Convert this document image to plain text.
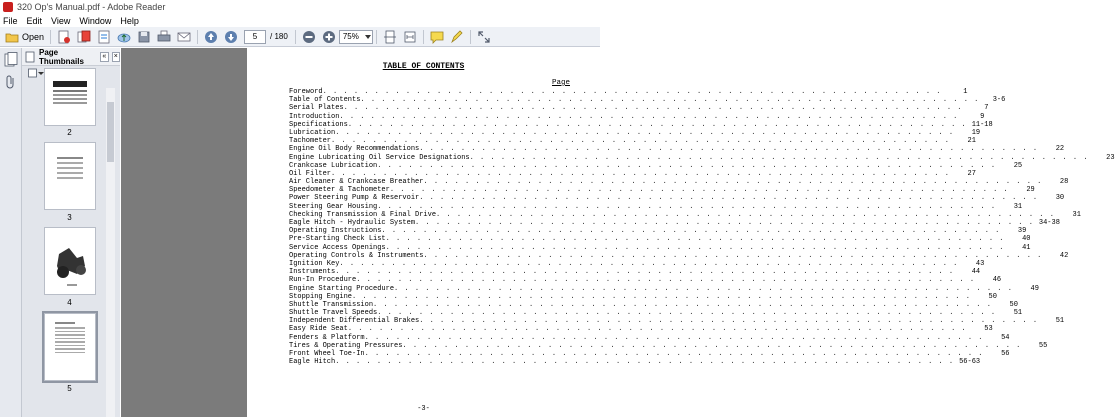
320 Op's Manual.pdf - Adobe Reader
File Edit View Window Help
Open	5	/ 180	75%
Page Thumbnails
«	×
2
3
4
5
TABLE OF CONTENTS
Page
Foreword . . . . . . . . . . . . . . . . . . . . . . . . . . . . . . . . . . . . . . . . . . . . . . . . . . . . . . . . . . . .	1
Table of Contents . . . . . . . . . . . . . . . . . . . . . . . . . . . . . . . . . . . . . . . . . . . . . . . . . . . . . . . . . . . .	3-6
Serial Plates . . . . . . . . . . . . . . . . . . . . . . . . . . . . . . . . . . . . . . . . . . . . . . . . . . . . . . . . . . . .	7
Introduction . . . . . . . . . . . . . . . . . . . . . . . . . . . . . . . . . . . . . . . . . . . . . . . . . . . . . . . . . . . .	9
Specifications . . . . . . . . . . . . . . . . . . . . . . . . . . . . . . . . . . . . . . . . . . . . . . . . . . . . . . . . . . . . 11-18
Lubrication . . . . . . . . . . . . . . . . . . . . . . . . . . . . . . . . . . . . . . . . . . . . . . . . . . . . . . . . . . . .	19
Tachometer . . . . . . . . . . . . . . . . . . . . . . . . . . . . . . . . . . . . . . . . . . . . . . . . . . . . . . . . . . . .	21
Engine Oil Body Recommendations . . . . . . . . . . . . . . . . . . . . . . . . . . . . . . . . . . . . . . . . . . . . . . . . . . . . . . . . . . . .	22
Engine Lubricating Oil Service Designations . . . . . . . . . . . . . . . . . . . . . . . . . . . . . . . . . . . . . . . . . . . . . . . . . . . . . . . . . . . .	23
Crankcase Lubrication . . . . . . . . . . . . . . . . . . . . . . . . . . . . . . . . . . . . . . . . . . . . . . . . . . . . . . . . . . . .	25
Oil Filter . . . . . . . . . . . . . . . . . . . . . . . . . . . . . . . . . . . . . . . . . . . . . . . . . . . . . . . . . . . .	27
Air Cleaner & Crankcase Breather . . . . . . . . . . . . . . . . . . . . . . . . . . . . . . . . . . . . . . . . . . . . . . . . . . . . . . . . . . . .	28
Speedometer & Tachometer . . . . . . . . . . . . . . . . . . . . . . . . . . . . . . . . . . . . . . . . . . . . . . . . . . . . . . . . . . . .	29
Power Steering Pump & Reservoir . . . . . . . . . . . . . . . . . . . . . . . . . . . . . . . . . . . . . . . . . . . . . . . . . . . . . . . . . . . .	30
Steering Gear Housing . . . . . . . . . . . . . . . . . . . . . . . . . . . . . . . . . . . . . . . . . . . . . . . . . . . . . . . . . . . .	31
Checking Transmission & Final Drive . . . . . . . . . . . . . . . . . . . . . . . . . . . . . . . . . . . . . . . . . . . . . . . . . . . . . . . . . . . .	31
Eagle Hitch - Hydraulic System . . . . . . . . . . . . . . . . . . . . . . . . . . . . . . . . . . . . . . . . . . . . . . . . . . . . . . . . . . . . 34-38
Operating Instructions . . . . . . . . . . . . . . . . . . . . . . . . . . . . . . . . . . . . . . . . . . . . . . . . . . . . . . . . . . . .	39
Pre-Starting Check List . . . . . . . . . . . . . . . . . . . . . . . . . . . . . . . . . . . . . . . . . . . . . . . . . . . . . . . . . . . .	40
Service Access Openings . . . . . . . . . . . . . . . . . . . . . . . . . . . . . . . . . . . . . . . . . . . . . . . . . . . . . . . . . . . .	41
Operating Controls & Instruments . . . . . . . . . . . . . . . . . . . . . . . . . . . . . . . . . . . . . . . . . . . . . . . . . . . . . . . . . . . .	42
Ignition Key . . . . . . . . . . . . . . . . . . . . . . . . . . . . . . . . . . . . . . . . . . . . . . . . . . . . . . . . . . . .	43
Instruments . . . . . . . . . . . . . . . . . . . . . . . . . . . . . . . . . . . . . . . . . . . . . . . . . . . . . . . . . . . .	44
Run-In Procedure . . . . . . . . . . . . . . . . . . . . . . . . . . . . . . . . . . . . . . . . . . . . . . . . . . . . . . . . . . . .	46
Engine Starting Procedure . . . . . . . . . . . . . . . . . . . . . . . . . . . . . . . . . . . . . . . . . . . . . . . . . . . . . . . . . . . .	49
Stopping Engine . . . . . . . . . . . . . . . . . . . . . . . . . . . . . . . . . . . . . . . . . . . . . . . . . . . . . . . . . . . .	50
Shuttle Transmission . . . . . . . . . . . . . . . . . . . . . . . . . . . . . . . . . . . . . . . . . . . . . . . . . . . . . . . . . . . .	50
Shuttle Travel Speeds . . . . . . . . . . . . . . . . . . . . . . . . . . . . . . . . . . . . . . . . . . . . . . . . . . . . . . . . . . . .	51
Independent Differential Brakes . . . . . . . . . . . . . . . . . . . . . . . . . . . . . . . . . . . . . . . . . . . . . . . . . . . . . . . . . . . .	51
Easy Ride Seat . . . . . . . . . . . . . . . . . . . . . . . . . . . . . . . . . . . . . . . . . . . . . . . . . . . . . . . . . . . .	53
Fenders & Platform . . . . . . . . . . . . . . . . . . . . . . . . . . . . . . . . . . . . . . . . . . . . . . . . . . . . . . . . . . . .	54
Tires & Operating Pressures . . . . . . . . . . . . . . . . . . . . . . . . . . . . . . . . . . . . . . . . . . . . . . . . . . . . . . . . . . . .	55
Front Wheel Toe-In . . . . . . . . . . . . . . . . . . . . . . . . . . . . . . . . . . . . . . . . . . . . . . . . . . . . . . . . . . . .	56
Eagle Hitch . . . . . . . . . . . . . . . . . . . . . . . . . . . . . . . . . . . . . . . . . . . . . . . . . . . . . . . . . . . . 56-63
-3-
